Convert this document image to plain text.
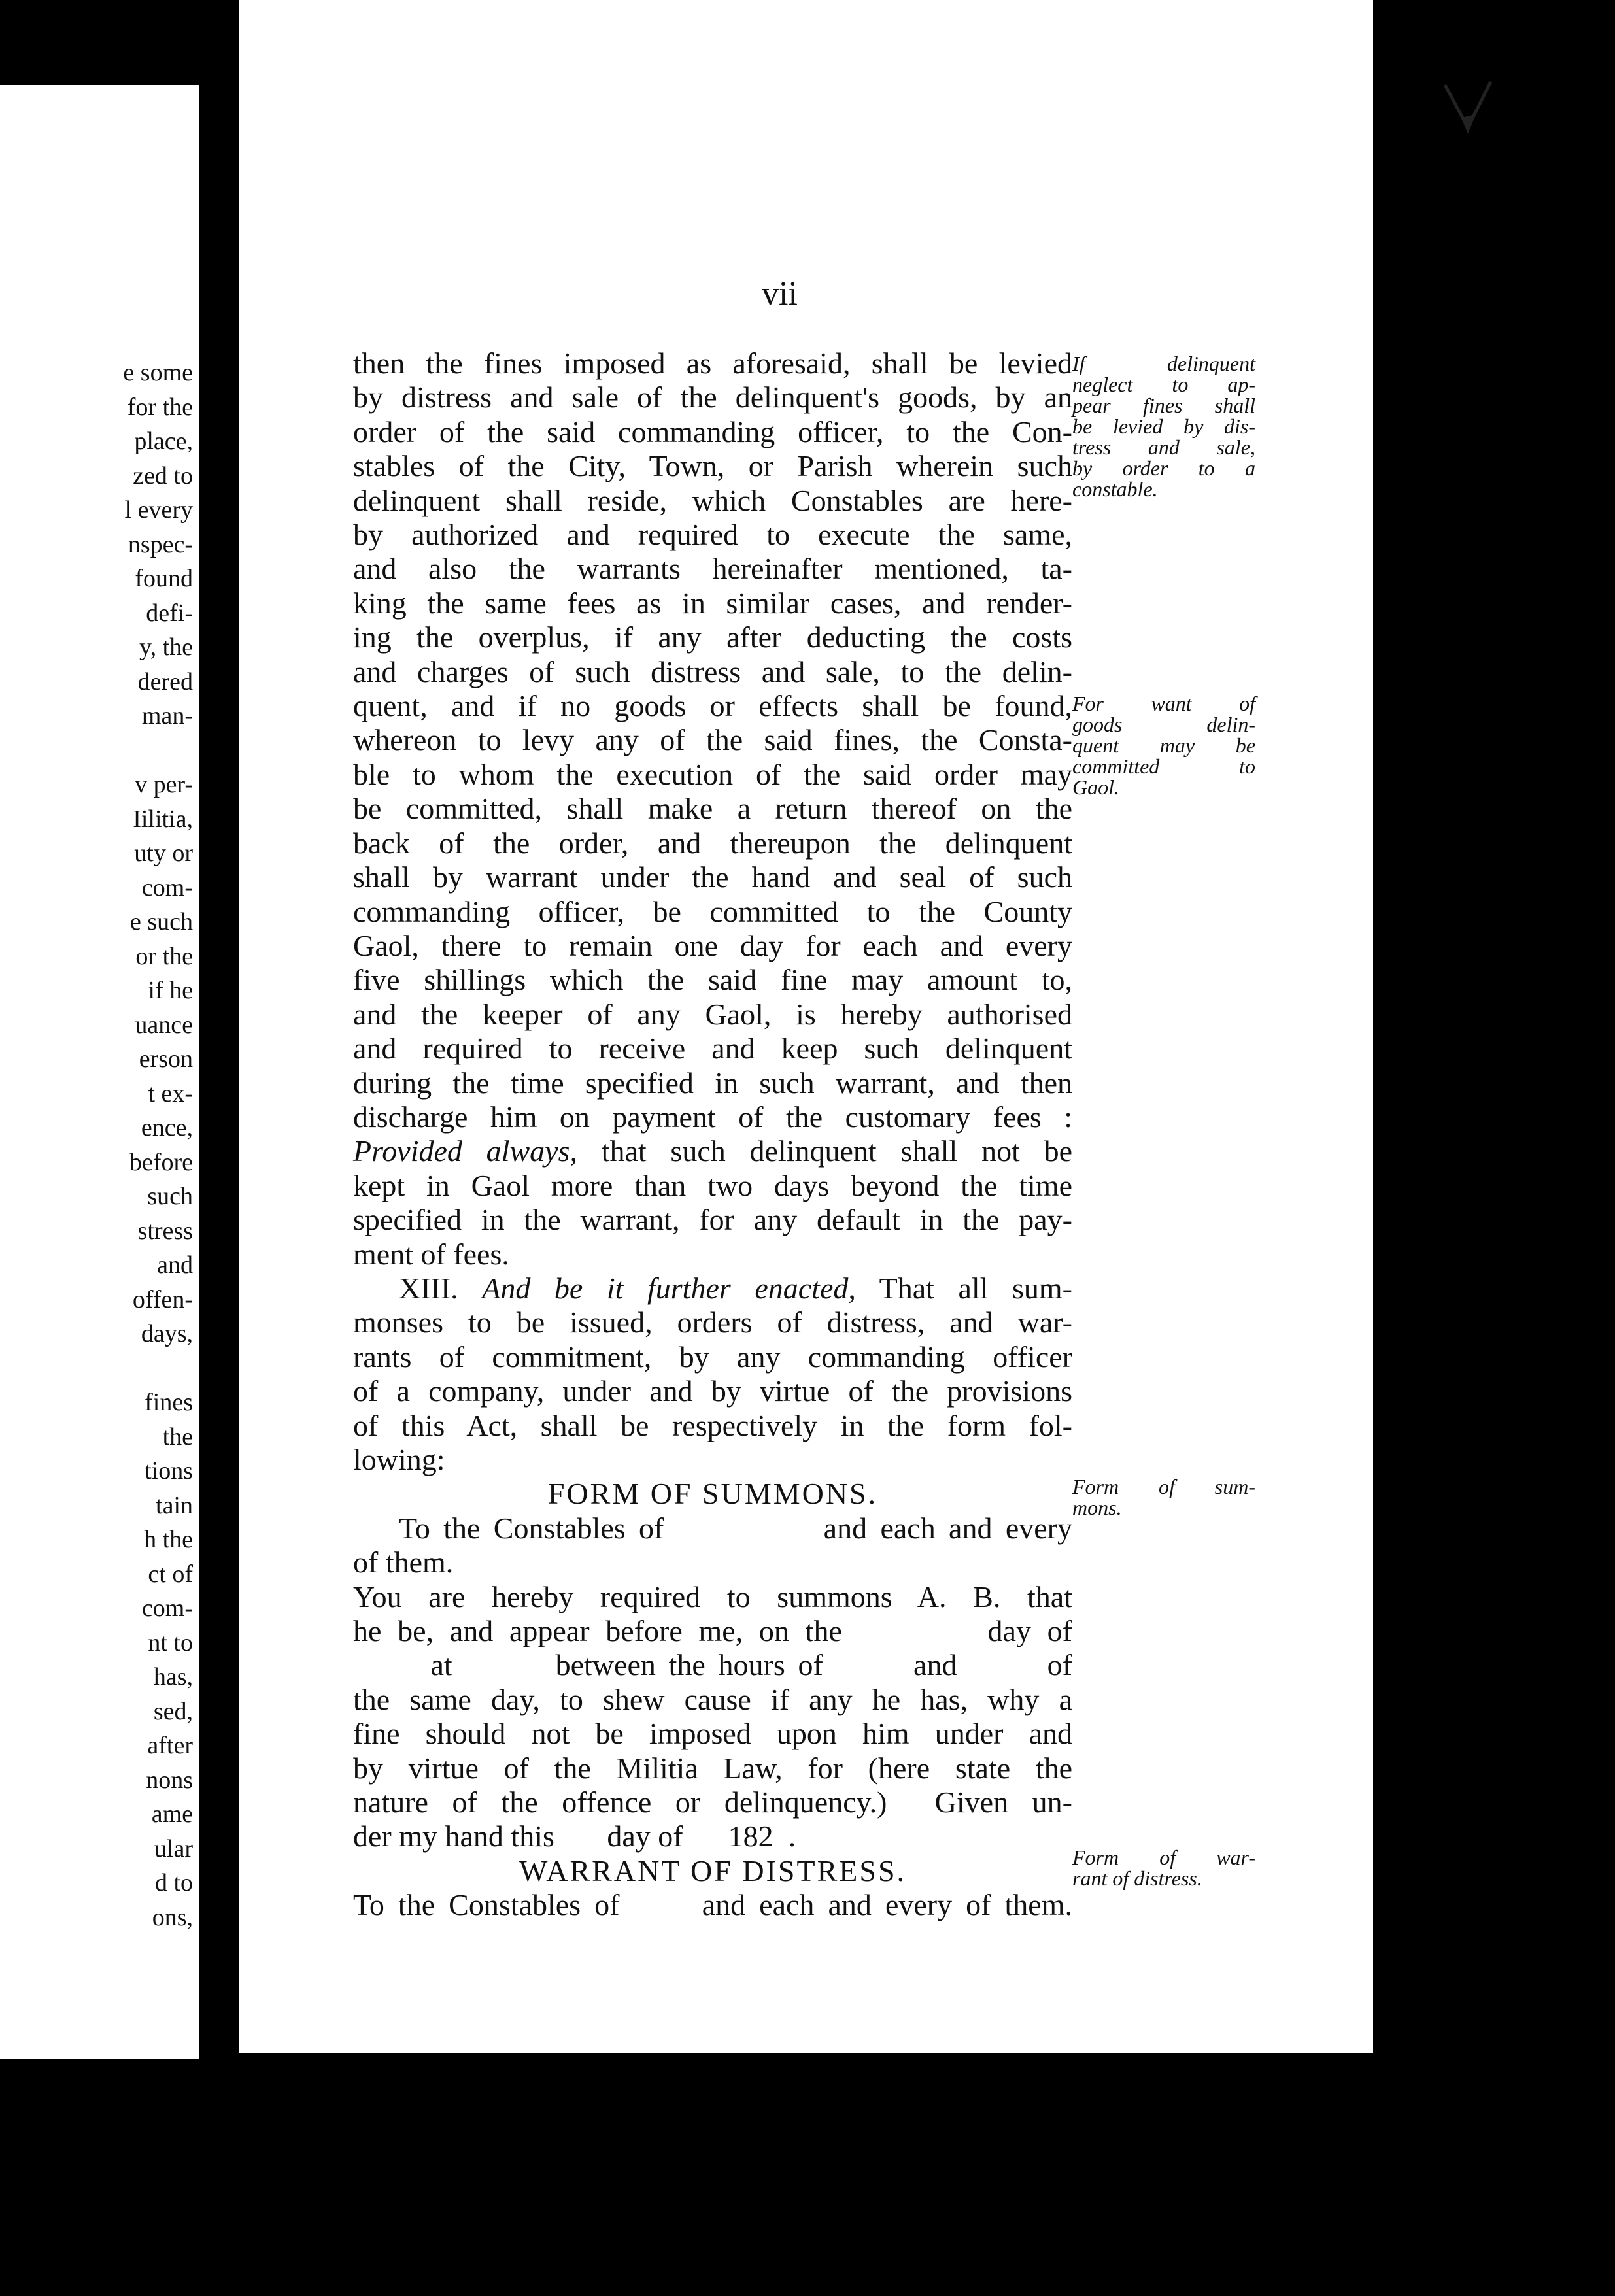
e some
for the
place,
zed to
l every
nspec-
found
defi-
y, the
dered
man-
v per-
Iilitia,
uty or
com-
e such
or the
if he
uance
erson
t ex-
ence,
before
such
stress
and
offen-
days,
fines
the
tions
tain
h the
ct of
com-
nt to
has,
sed,
after
nons
ame
ular
d to
ons,
vii

then the fines imposed as aforesaid, shall be levied

by distress and sale of the delinquent's goods, by an

order of the said commanding officer, to the Con-

stables of the City, Town, or Parish wherein such

delinquent shall reside, which Constables are here-

by authorized and required to execute the same,

and also the warrants hereinafter mentioned, ta-

king the same fees as in similar cases, and render-

ing the overplus, if any after deducting the costs

and charges of such distress and sale, to the delin-

quent, and if no goods or effects shall be found,

whereon to levy any of the said fines, the Consta-

ble to whom the execution of the said order may

be committed, shall make a return thereof on the

back of the order, and thereupon the delinquent

shall by warrant under the hand and seal of such

commanding officer, be committed to the County

Gaol, there to remain one day for each and every

five shillings which the said fine may amount to,

and the keeper of any Gaol, is hereby authorised

and required to receive and keep such delinquent

during the time specified in such warrant, and then

discharge him on payment of the customary fees :

Provided always, that such delinquent shall not be

kept in Gaol more than two days beyond the time

specified in the warrant, for any default in the pay-

ment of fees.

XIII. And be it further enacted, That all sum-

monses to be issued, orders of distress, and war-

rants of commitment, by any commanding officer

of a company, under and by virtue of the provisions

of this Act, shall be respectively in the form fol-

lowing:

FORM OF SUMMONS.

To the Constables of            and each and every

of them.

You are hereby required to summons A. B. that

he be, and appear before me, on the         day of

at        between the hours of       and       of

the same day, to shew cause if any he has, why a

fine should not be imposed upon him under and

by virtue of the Militia Law, for (here state the

nature of the offence or delinquency.)  Given un-

der my hand this       day of      182  .

WARRANT OF DISTRESS.

To the Constables of      and each and every of them.

If delinquent

neglect to ap-

pear fines shall

be levied by dis-

tress and sale,

by order to a

constable.

For want of

goods delin-

quent may be

committed to

Gaol.

Form of sum-

mons.

Form of war-

rant of distress.
